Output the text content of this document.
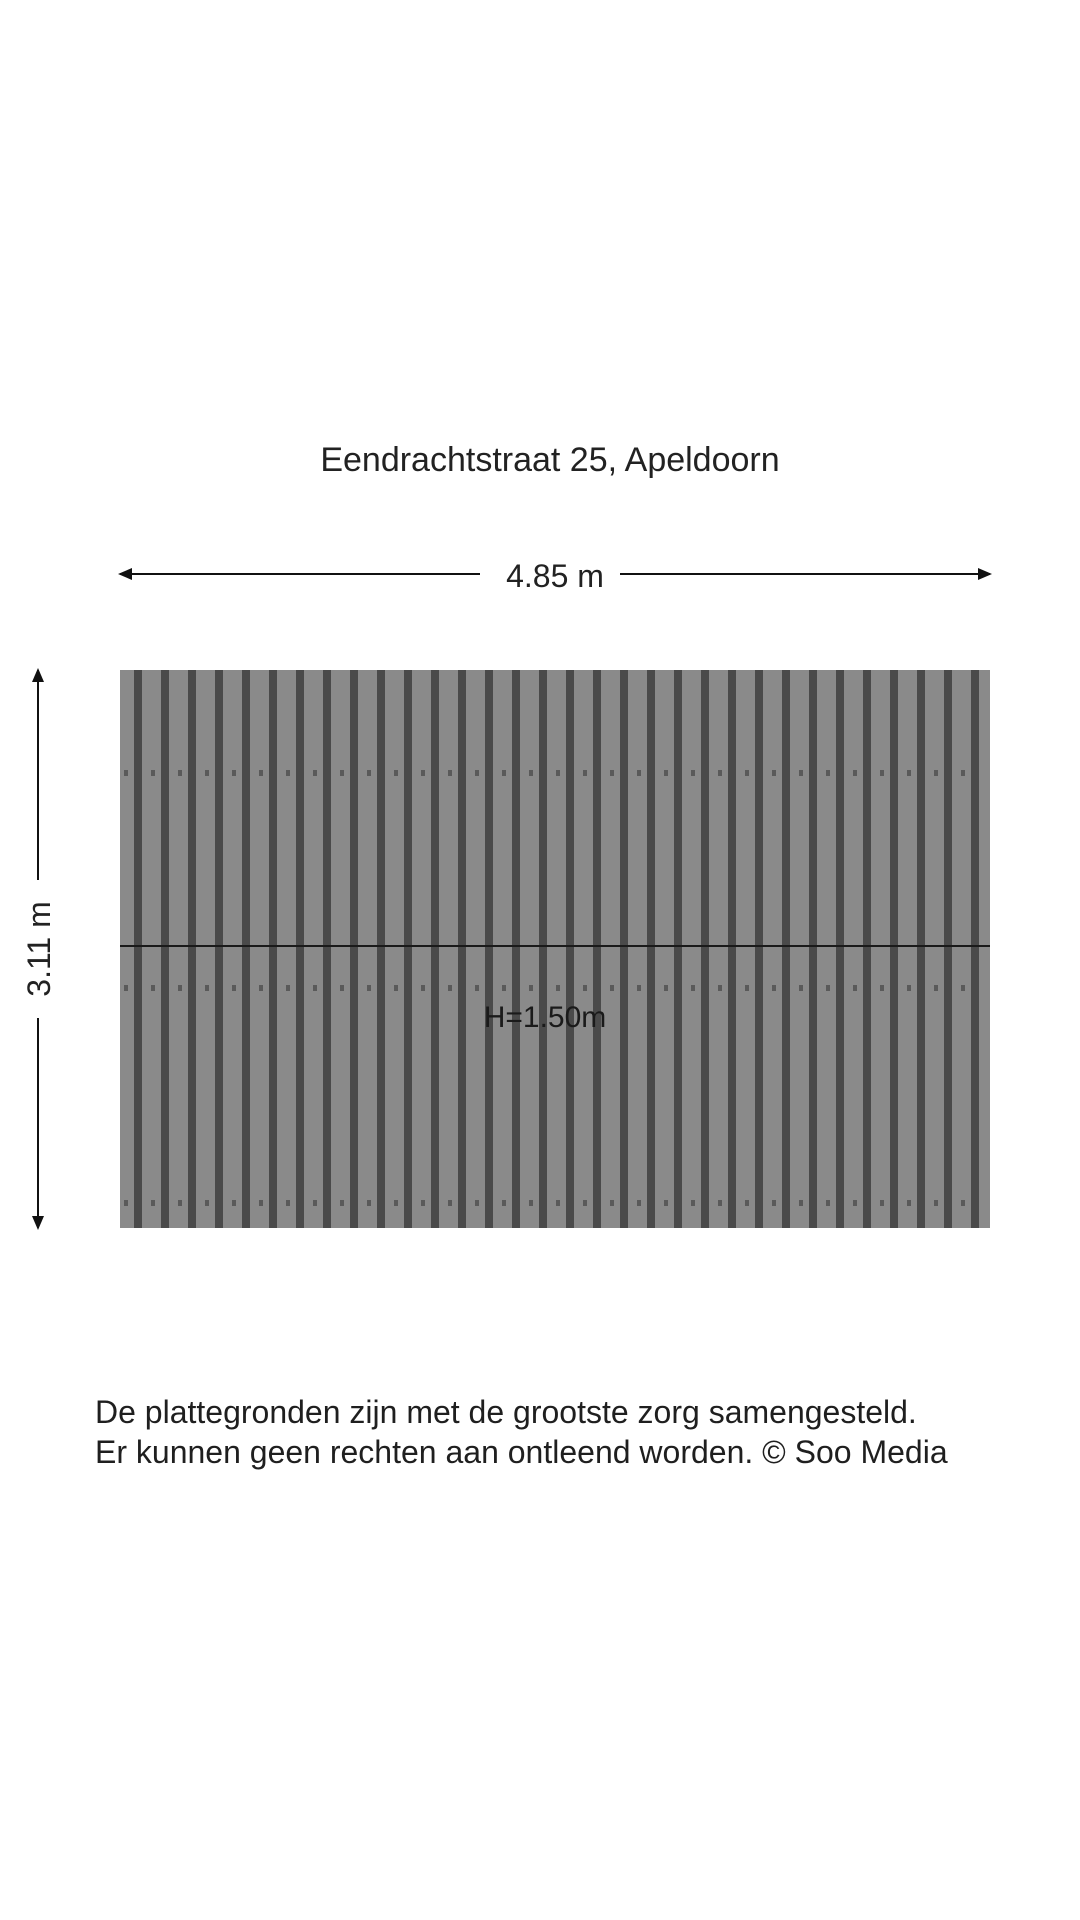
Eendrachtstraat 25, Apeldoorn
4.85 m
3.11 m
H=1.50m
De plattegronden zijn met de grootste zorg samengesteld.
Er kunnen geen rechten aan ontleend worden. © Soo Media
